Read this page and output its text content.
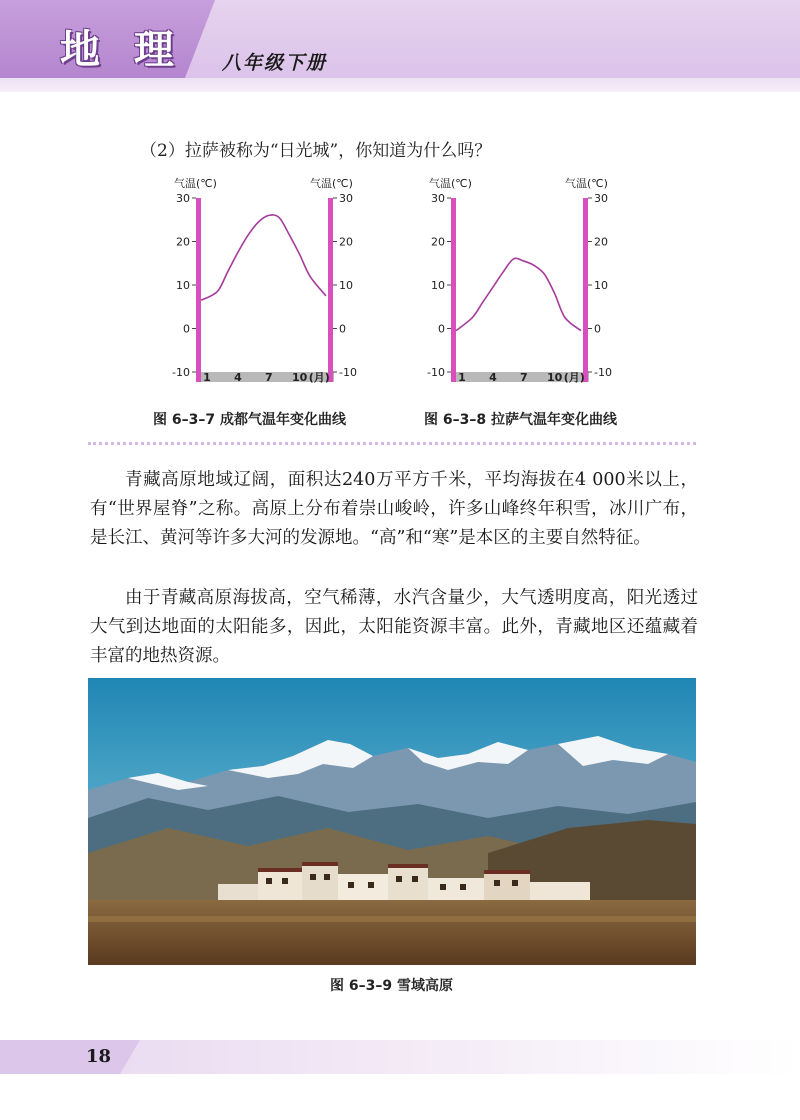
地 理 八年级下册
（2）拉萨被称为“日光城”，你知道为什么吗？
气温(℃)	气温(℃)
30	30
20	20
10	10
0	0
-10	-10
1 4 7 10 (月)
气温(℃)	气温(℃)
30	30
20	20
10	10
0	0
-10	-10
1 4 7 10 (月)
图 6–3–7 成都气温年变化曲线	图 6–3–8 拉萨气温年变化曲线

青藏高原地域辽阔，面积达240万平方千米，平均海拔在4 000米以上，有“世界屋脊”之称。高原上分布着崇山峻岭，许多山峰终年积雪，冰川广布，是长江、黄河等许多大河的发源地。“高”和“寒”是本区的主要自然特征。

由于青藏高原海拔高，空气稀薄，水汽含量少，大气透明度高，阳光透过大气到达地面的太阳能多，因此，太阳能资源丰富。此外，青藏地区还蕴藏着丰富的地热资源。

图 6–3–9 雪域高原
18
